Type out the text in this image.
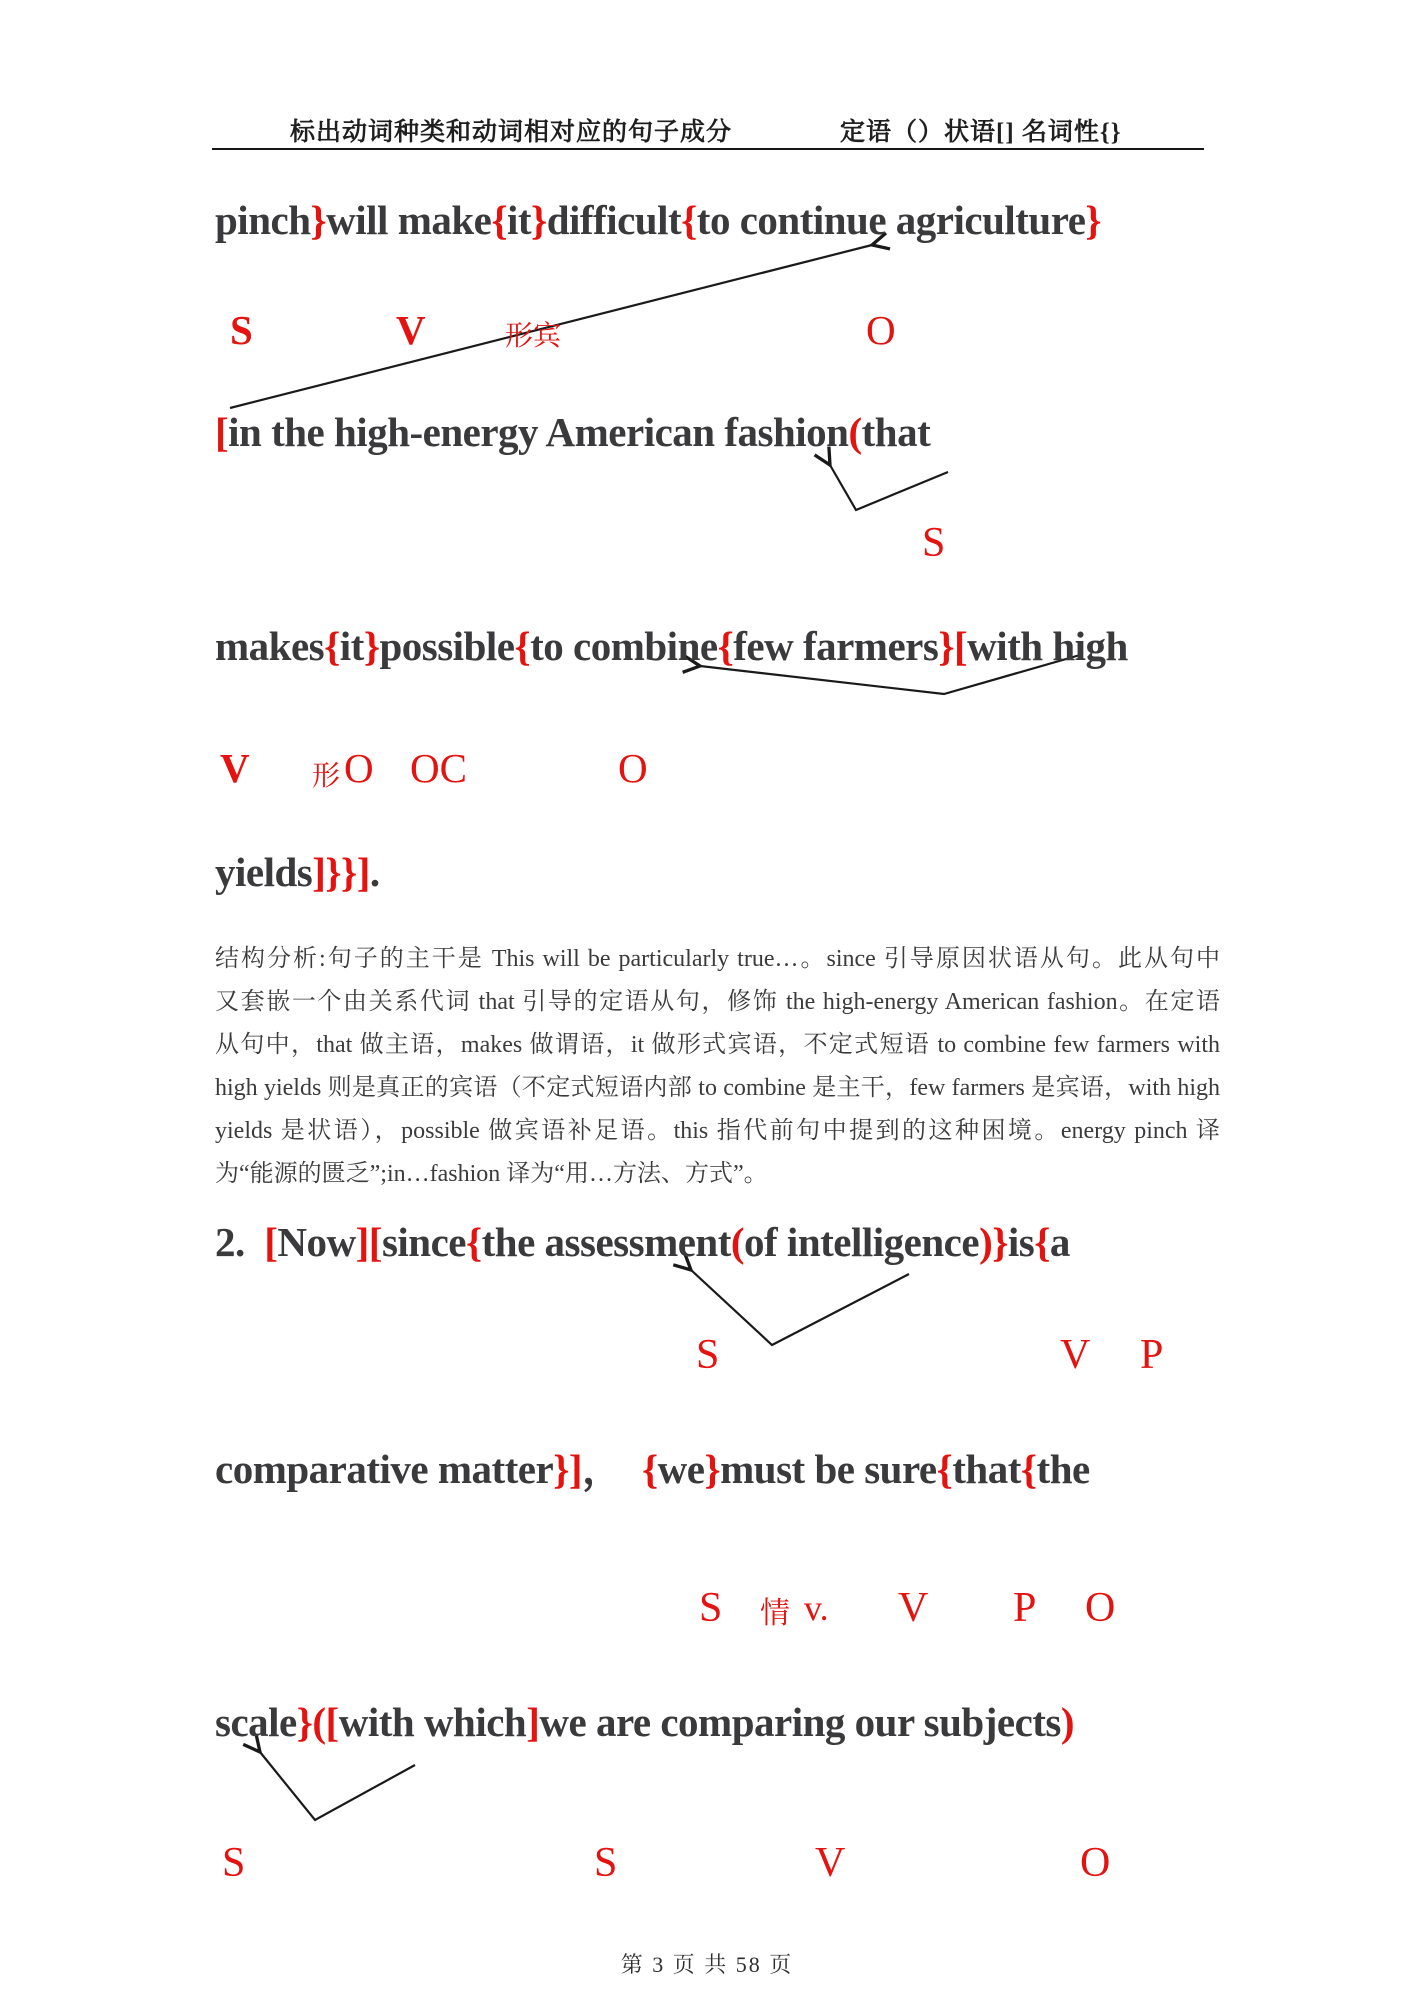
标出动词种类和动词相对应的句子成分	定语（）状语[] 名词性{}
pinch}will make{it}difficult{to continue agriculture}
[in the high-energy American fashion(that
makes{it}possible{to combine{few farmers}[with high
yields]}}].
2.  [Now][since{the assessment(of intelligence)}is{a
comparative matter}]，  {we}must be sure{that{the
scale}([with which]we are comparing our subjects)
S	V	形宾	O
S
V 形 O OC	O
S	V P
S 情 v. V P O
S	S	V	O
结构分析:句子的主干是 This will be particularly true…。since 引导原因状语从句。此从句中
又套嵌一个由关系代词 that 引导的定语从句，修饰 the high-energy American fashion。在定语
从句中，that 做主语，makes 做谓语，it 做形式宾语，不定式短语 to combine few farmers with
high yields 则是真正的宾语（不定式短语内部 to combine 是主干，few farmers 是宾语，with high
yields 是状语），possible 做宾语补足语。this 指代前句中提到的这种困境。energy pinch 译
为“能源的匮乏”;in…fashion 译为“用…方法、方式”。
第 3 页 共 58 页
